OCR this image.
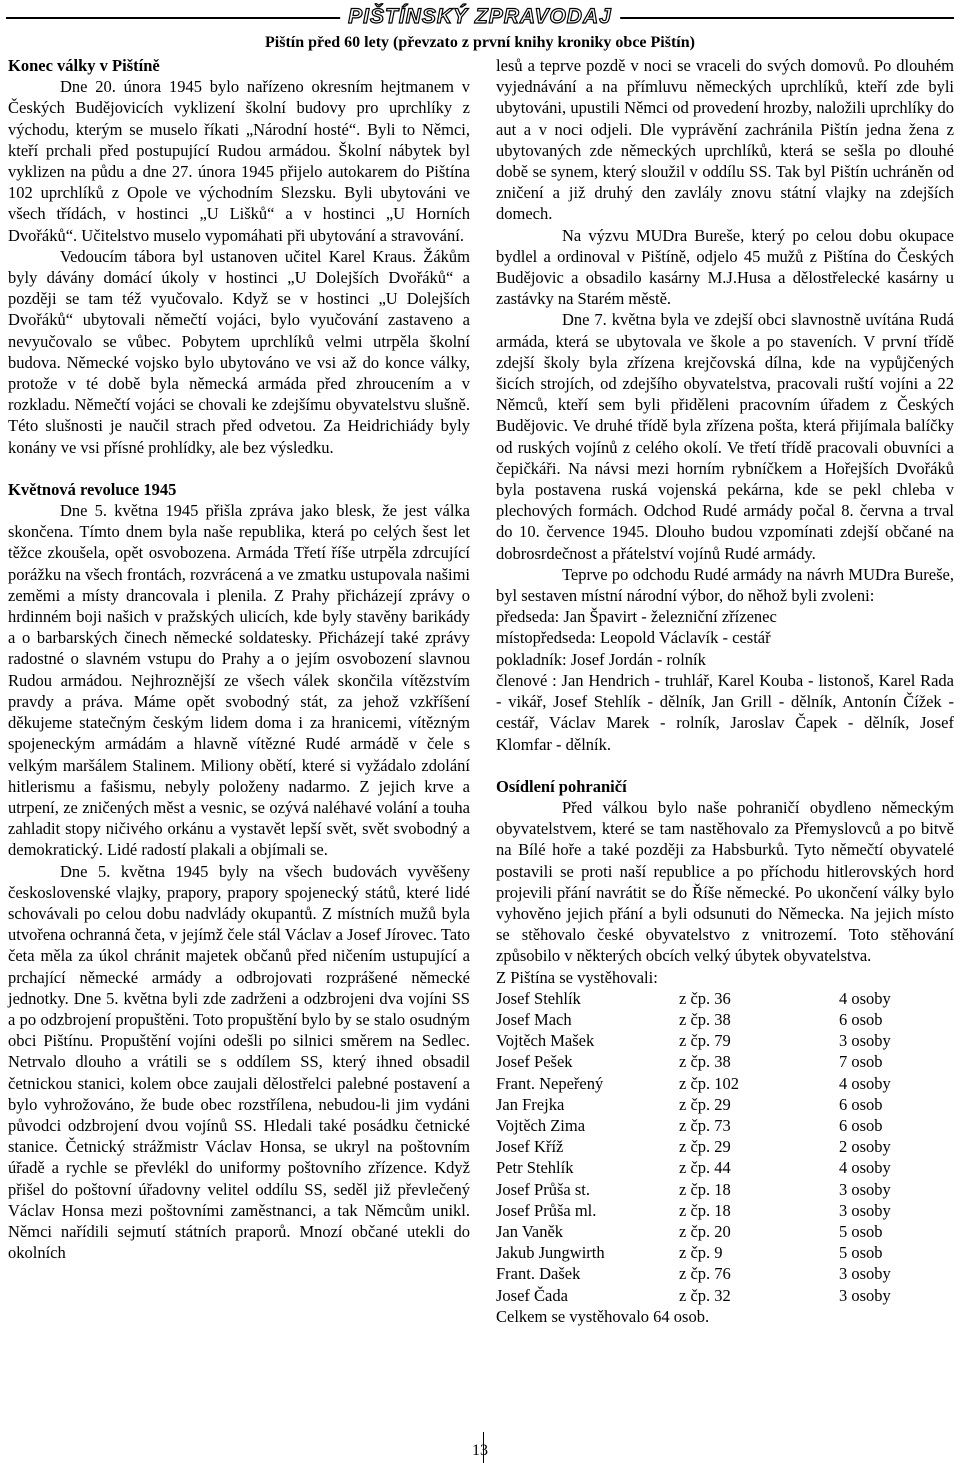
PIŠTÍNSKÝ ZPRAVODAJ
Pištín před 60 lety (převzato z první knihy kroniky obce Pištín)
Konec války v Pištíně

Dne 20. února 1945 bylo nařízeno okresním hejtmanem v Českých Budějovicích vyklizení školní budovy pro uprchlíky z východu, kterým se muselo říkati „Národní hosté“. Byli to Němci, kteří prchali před postupující Rudou armádou. Školní nábytek byl vyklizen na půdu a dne 27. února 1945 přijelo autokarem do Pištína 102 uprchlíků z Opole ve východním Slezsku. Byli ubytováni ve všech třídách, v hostinci „U Lišků“ a v hostinci „U Horních Dvořáků“. Učitelstvo muselo vypomáhati při ubytování a stravování.

Vedoucím tábora byl ustanoven učitel Karel Kraus. Žákům byly dávány domácí úkoly v hostinci „U Dolejších Dvořáků“ a později se tam též vyučovalo. Když se v hostinci „U Dolejších Dvořáků“ ubytovali němečtí vojáci, bylo vyučování zastaveno a nevyučovalo se vůbec. Pobytem uprchlíků velmi utrpěla školní budova. Německé vojsko bylo ubytováno ve vsi až do konce války, protože v té době byla německá armáda před zhroucením a v rozkladu. Němečtí vojáci se chovali ke zdejšímu obyvatelstvu slušně. Této slušnosti je naučil strach před odvetou. Za Heidrichiády byly konány ve vsi přísné prohlídky, ale bez výsledku.

Květnová revoluce 1945

Dne 5. května 1945 přišla zpráva jako blesk, že jest válka skončena. Tímto dnem byla naše republika, která po celých šest let těžce zkoušela, opět osvobozena. Armáda Třetí říše utrpěla zdrcující porážku na všech frontách, rozvrácená a ve zmatku ustupovala našimi zeměmi a místy drancovala i plenila. Z Prahy přicházejí zprávy o hrdinném boji našich v pražských ulicích, kde byly stavěny barikády a o barbarských činech německé soldatesky. Přicházejí také zprávy radostné o slavném vstupu do Prahy a o jejím osvobození slavnou Rudou armádou. Nejhroznější ze všech válek skončila vítězstvím pravdy a práva. Máme opět svobodný stát, za jehož vzkříšení děkujeme statečným českým lidem doma i za hranicemi, vítězným spojeneckým armádám a hlavně vítězné Rudé armádě v čele s velkým maršálem Stalinem. Miliony obětí, které si vyžádalo zdolání hitlerismu a fašismu, nebyly položeny nadarmo. Z jejich krve a utrpení, ze zničených měst a vesnic, se ozývá naléhavé volání a touha zahladit stopy ničivého orkánu a vystavět lepší svět, svět svobodný a demokratický. Lidé radostí plakali a objímali se.

Dne 5. května 1945 byly na všech budovách vyvěšeny československé vlajky, prapory, prapory spojenecký států, které lidé schovávali po celou dobu nadvlády okupantů. Z místních mužů byla utvořena ochranná četa, v jejímž čele stál Václav a Josef Jírovec. Tato četa měla za úkol chránit majetek občanů před ničením ustupující a prchající německé armády a odbrojovati rozprášené německé jednotky. Dne 5. května byli zde zadrženi a odzbrojeni dva vojíni SS a po odzbrojení propuštěni. Toto propuštění bylo by se stalo osudným obci Pištínu. Propuštění vojíni odešli po silnici směrem na Sedlec. Netrvalo dlouho a vrátili se s oddílem SS, který ihned obsadil četnickou stanici, kolem obce zaujali dělostřelci palebné postavení a bylo vyhrožováno, že bude obec rozstřílena, nebudou-li jim vydáni původci odzbrojení dvou vojínů SS. Hledali také posádku četnické stanice. Četnický strážmistr Václav Honsa, se ukryl na poštovním úřadě a rychle se převlékl do uniformy poštovního zřízence. Když přišel do poštovní úřadovny velitel oddílu SS, seděl již převlečený Václav Honsa mezi poštovními zaměstnanci, a tak Němcům unikl. Němci nařídili sejmutí státních praporů. Mnozí občané utekli do okolních

lesů a teprve pozdě v noci se vraceli do svých domovů. Po dlouhém vyjednávání a na přímluvu německých uprchlíků, kteří zde byli ubytováni, upustili Němci od provedení hrozby, naložili uprchlíky do aut a v noci odjeli. Dle vyprávění zachránila Pištín jedna žena z ubytovaných zde německých uprchlíků, která se sešla po dlouhé době se synem, který sloužil v oddílu SS. Tak byl Pištín uchráněn od zničení a již druhý den zavlály znovu státní vlajky na zdejších domech.

Na výzvu MUDra Bureše, který po celou dobu okupace bydlel a ordinoval v Pištíně, odjelo 45 mužů z Pištína do Českých Budějovic a obsadilo kasárny M.J.Husa a dělostřelecké kasárny u zastávky na Starém městě.

Dne 7. května byla ve zdejší obci slavnostně uvítána Rudá armáda, která se ubytovala ve škole a po staveních. V první třídě zdejší školy byla zřízena krejčovská dílna, kde na vypůjčených šicích strojích, od zdejšího obyvatelstva, pracovali ruští vojíni a 22 Němců, kteří sem byli přiděleni pracovním úřadem z Českých Budějovic. Ve druhé třídě byla zřízena pošta, která přijímala balíčky od ruských vojínů z celého okolí. Ve třetí třídě pracovali obuvníci a čepičkáři. Na návsi mezi horním rybníčkem a Hořejších Dvořáků byla postavena ruská vojenská pekárna, kde se pekl chleba v plechových formách. Odchod Rudé armády počal 8. června a trval do 10. července 1945. Dlouho budou vzpomínati zdejší občané na dobrosrdečnost a přátelství vojínů Rudé armády.

Teprve po odchodu Rudé armády na návrh MUDra Bureše, byl sestaven místní národní výbor, do něhož byli zvoleni:

předseda: Jan Špavirt - železniční zřízenec

místopředseda: Leopold Václavík - cestář

pokladník: Josef Jordán - rolník

členové : Jan Hendrich - truhlář, Karel Kouba - listonoš, Karel Rada - vikář, Josef Stehlík - dělník, Jan Grill - dělník, Antonín Čížek - cestář, Václav Marek - rolník, Jaroslav Čapek - dělník, Josef Klomfar - dělník.

Osídlení pohraničí

Před válkou bylo naše pohraničí obydleno německým obyvatelstvem, které se tam nastěhovalo za Přemyslovců a po bitvě na Bílé hoře a také později za Habsburků. Tyto němečtí obyvatelé postavili se proti naší republice a po příchodu hitlerovských hord projevili přání navrátit se do Říše německé. Po ukončení války bylo vyhověno jejich přání a byli odsunuti do Německa. Na jejich místo se stěhovalo české obyvatelstvo z vnitrozemí. Toto stěhování způsobilo v některých obcích velký úbytek obyvatelstva.

Z Pištína se vystěhovali:

Josef Stehlík	z čp. 36	4 osoby
Josef Mach	z čp. 38	6 osob
Vojtěch Mašek	z čp. 79	3 osoby
Josef Pešek	z čp. 38	7 osob
Frant. Nepeřený	z čp. 102	4 osoby
Jan Frejka	z čp. 29	6 osob
Vojtěch Zima	z čp. 73	6 osob
Josef Kříž	z čp. 29	2 osoby
Petr Stehlík	z čp. 44	4 osoby
Josef Průša st.	z čp. 18	3 osoby
Josef Průša ml.	z čp. 18	3 osoby
Jan Vaněk	z čp. 20	5 osob
Jakub Jungwirth	z čp. 9	5 osob
Frant. Dašek	z čp. 76	3 osoby
Josef Čada	z čp. 32	3 osoby

Celkem se vystěhovalo 64 osob.

13
